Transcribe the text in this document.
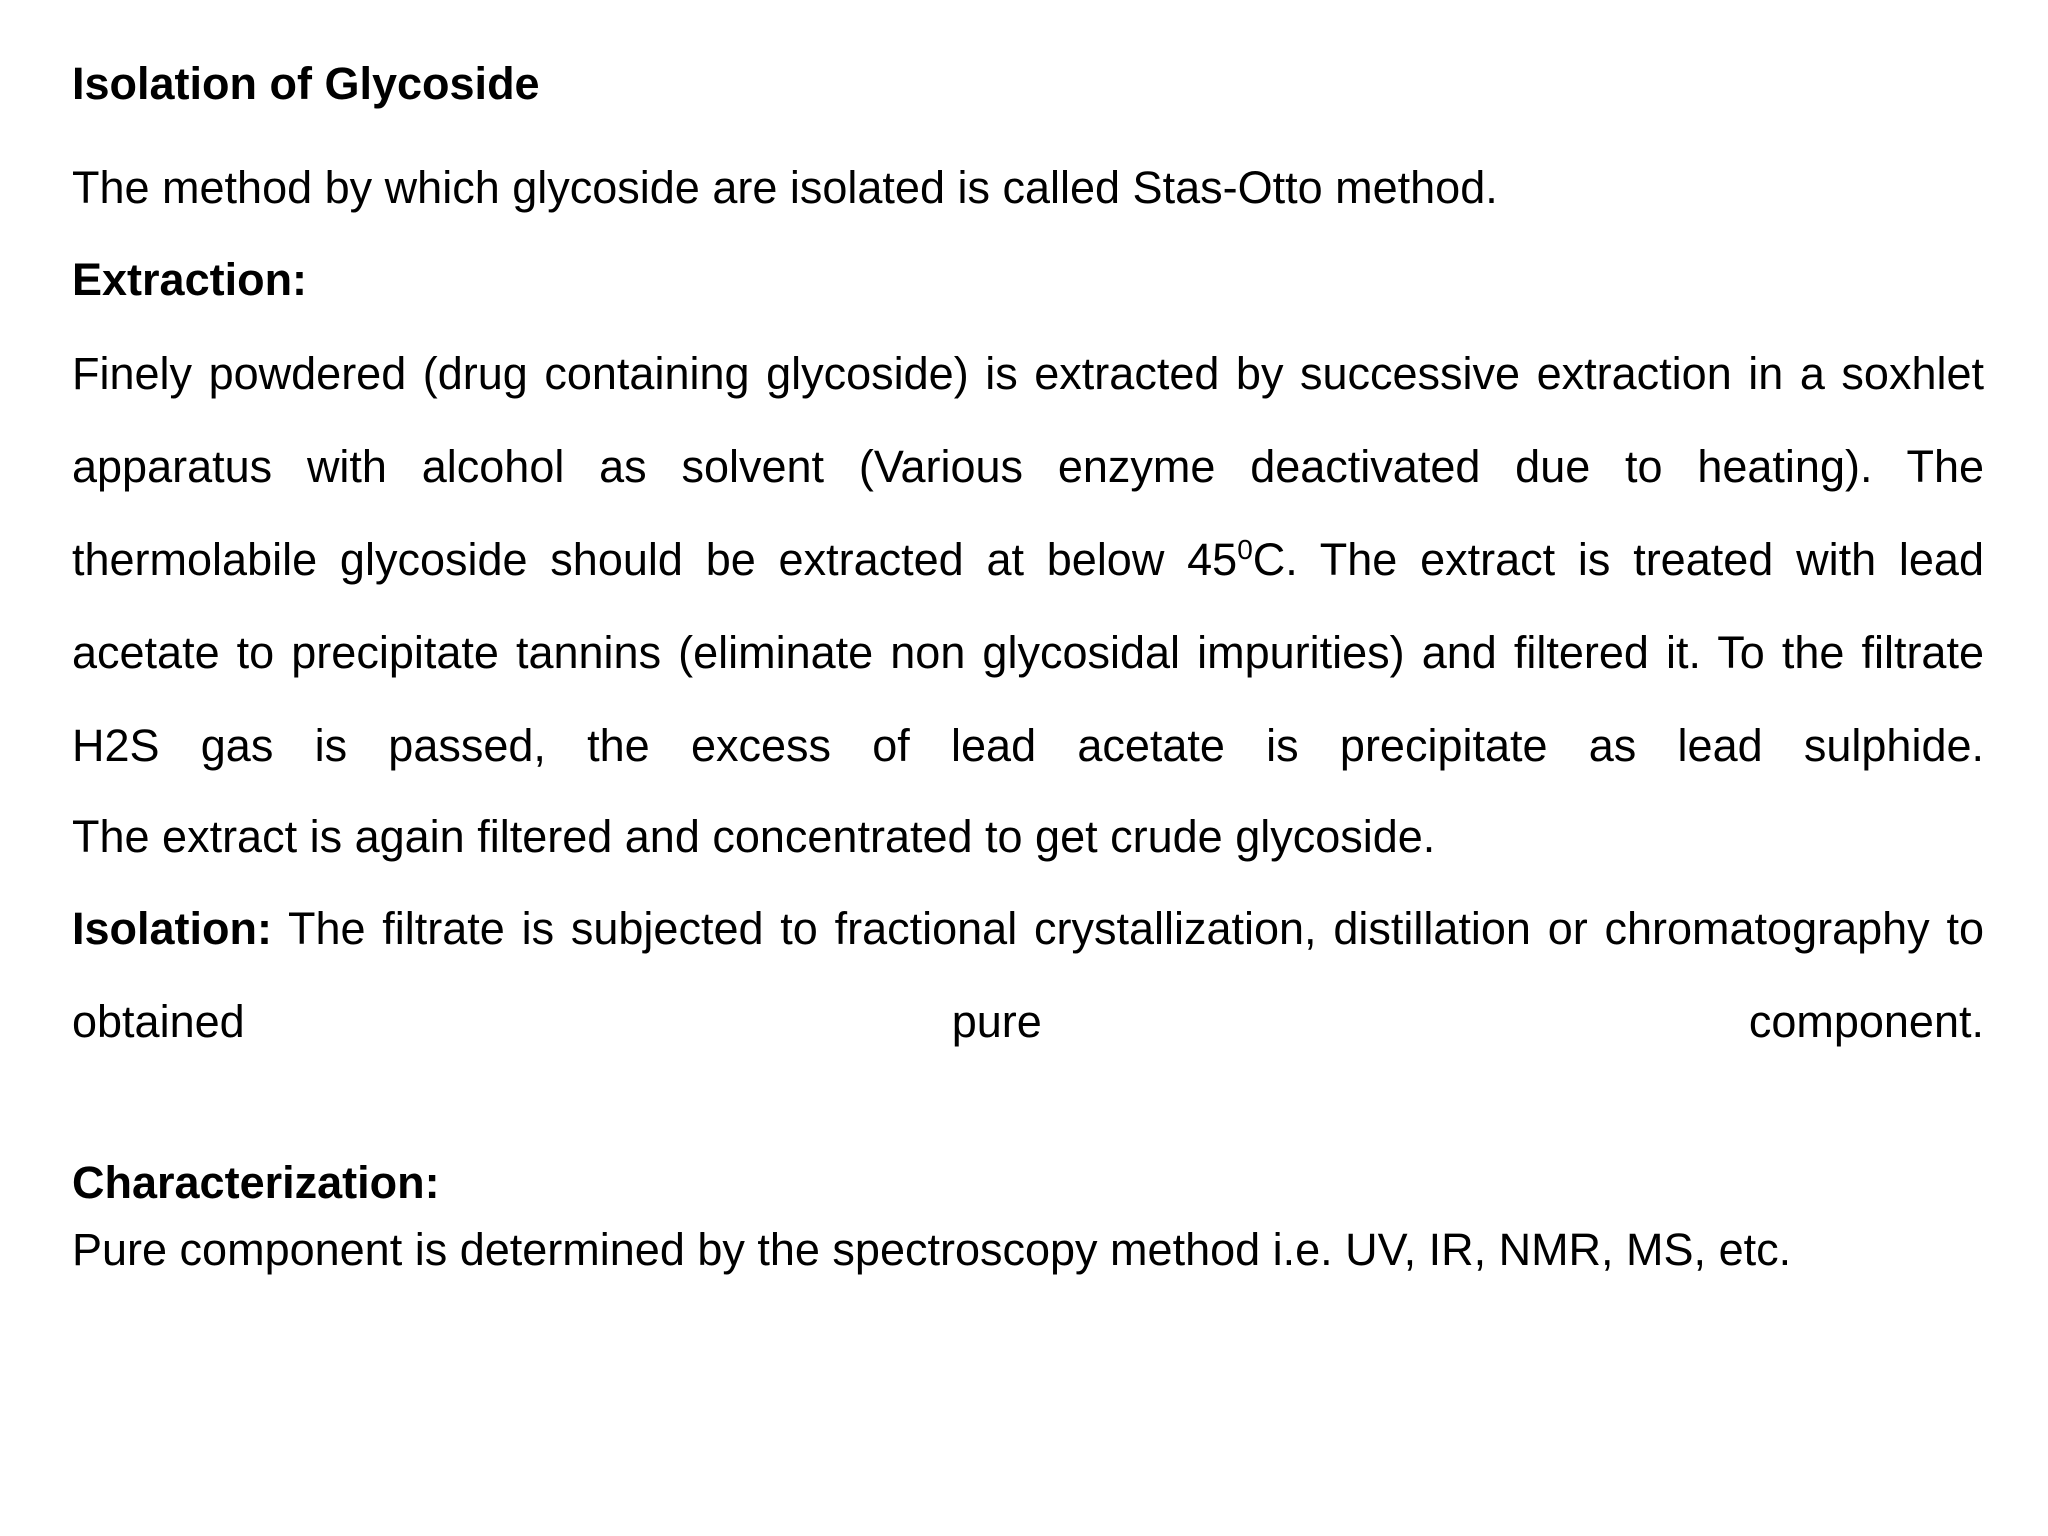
Isolation of Glycoside
The method by which glycoside are isolated is called Stas-Otto method.
Extraction:
Finely powdered (drug containing glycoside) is extracted by successive extraction in a soxhlet apparatus with alcohol as solvent (Various enzyme deactivated due to heating). The thermolabile glycoside should be extracted at below $45^0C$. The extract is treated with lead acetate to precipitate tannins (eliminate non glycosidal impurities) and filtered it. To the filtrate H2S gas is passed, the excess of lead acetate is precipitate as lead sulphide.
The extract is again filtered and concentrated to get crude glycoside.
Isolation: The filtrate is subjected to fractional crystallization, distillation or chromatography to obtained pure component.
Characterization:
Pure component is determined by the spectroscopy method i.e. UV, IR, NMR, MS, etc.
